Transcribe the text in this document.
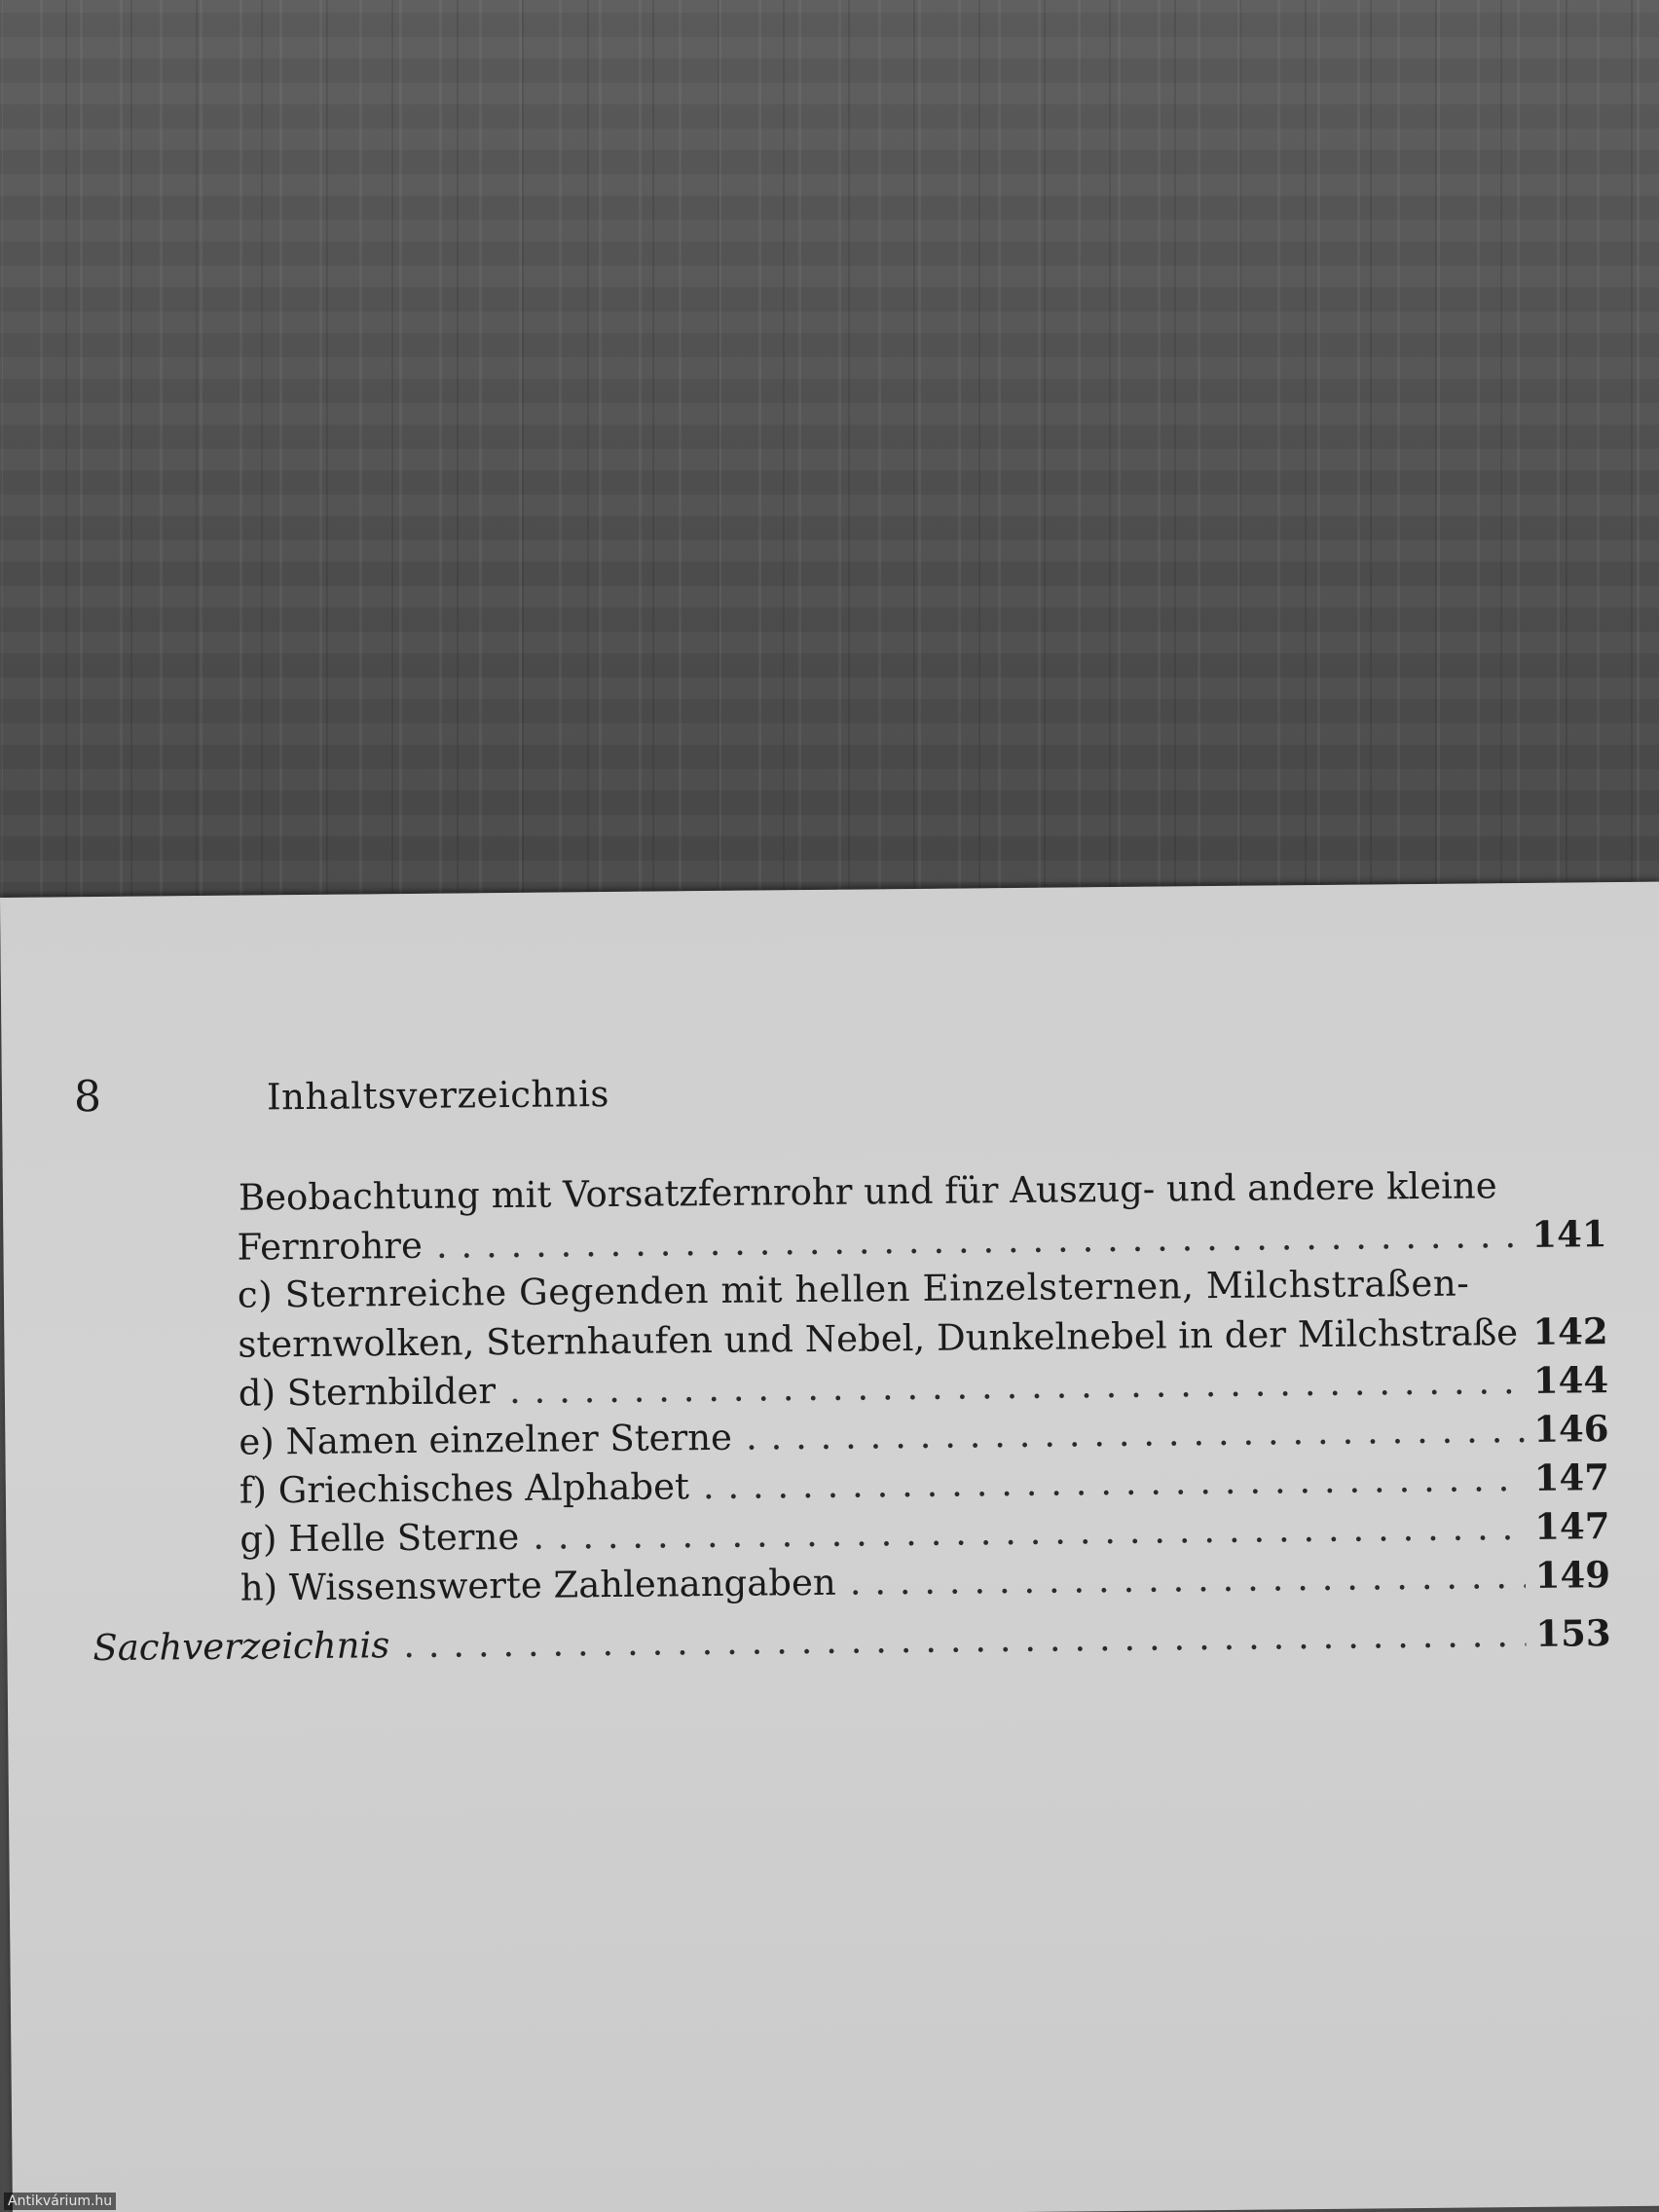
8	Inhaltsverzeichnis
Beobachtung mit Vorsatzfernrohr und für Auszug- und andere kleine
Fernrohre . . .	141
c) Sternreiche Gegenden mit hellen Einzelsternen, Milchstraßen-
sternwolken, Sternhaufen und Nebel, Dunkelnebel in der Milchstraße . . . 142
d) Sternbilder . . .	144
e) Namen einzelner Sterne . . .	146
f) Griechisches Alphabet . . .	147
g) Helle Sterne . . .	147
h) Wissenswerte Zahlenangaben . . .	149
Sachverzeichnis . . .	153
Antikvárium.hu
